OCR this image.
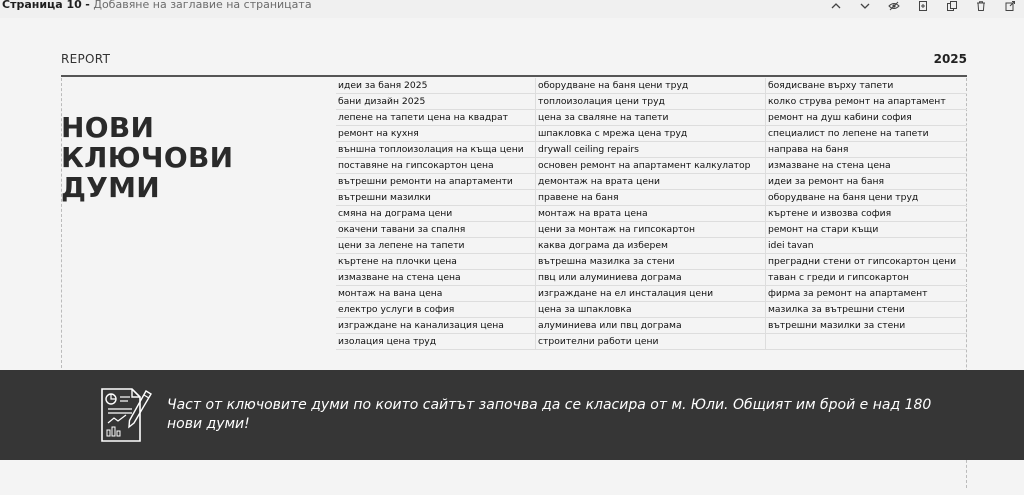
Страница 10 - Добавяне на заглавие на страницата
REPORT	2025
НОВИ
КЛЮЧОВИ
ДУМИ
идеи за баня 2025	оборудване на баня цени труд	боядисване върху тапети
бани дизайн 2025	топлоизолация цени труд	колко струва ремонт на апартамент
лепене на тапети цена на квадрат	цена за сваляне на тапети	ремонт на душ кабини софия
ремонт на кухня	шпакловка с мрежа цена труд	специалист по лепене на тапети
външна топлоизолация на къща цени	drywall ceiling repairs	направа на баня
поставяне на гипсокартон цена	основен ремонт на апартамент калкулатор	измазване на стена цена
вътрешни ремонти на апартаменти	демонтаж на врата цени	идеи за ремонт на баня
вътрешни мазилки	правене на баня	оборудване на баня цени труд
смяна на дограма цени	монтаж на врата цена	къртене и извозва софия
окачени тавани за спалня	цени за монтаж на гипсокартон	ремонт на стари къщи
цени за лепене на тапети	каква дограма да изберем	idei tavan
къртене на плочки цена	вътрешна мазилка за стени	преградни стени от гипсокартон цени
измазване на стена цена	пвц или алуминиева дограма	таван с греди и гипсокартон
монтаж на вана цена	изграждане на ел инсталация цени	фирма за ремонт на апартамент
електро услуги в софия	цена за шпакловка	мазилка за вътрешни стени
изграждане на канализация цена	алуминиева или пвц дограма	вътрешни мазилки за стени
изолация цена труд	строителни работи цени
Част от ключовите думи по които сайтът започва да се класира от м. Юли. Общият им брой е над 180 нови думи!
